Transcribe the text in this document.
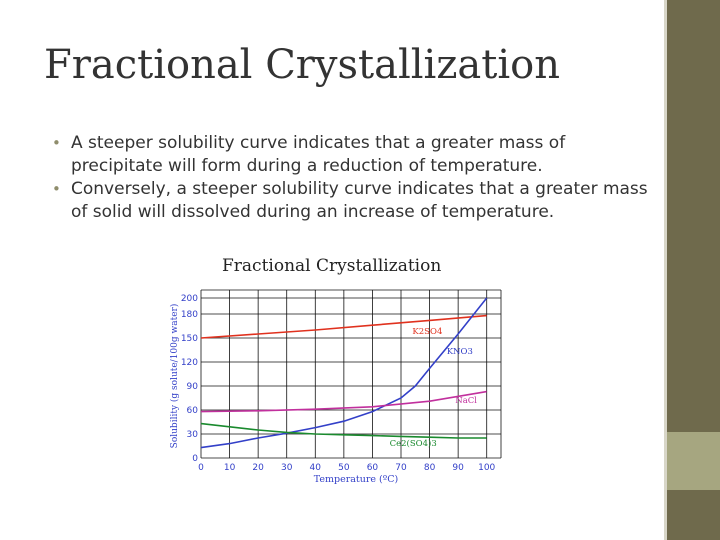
Fractional Crystallization
• A steeper solubility curve indicates that a greater mass of precipitate will form during a reduction of temperature.
• Conversely, a steeper solubility curve indicates that a greater mass of solid will dissolved during an increase of temperature.
Fractional Crystallization
0 10 20 30 40 50 60 70 80 90 100
0
30
60
90
120
150
180
200
Temperature (ºC)
Solubility (g solute/100g water)	K2SO4
KNO3
NaCl
Ce2(SO4)3
